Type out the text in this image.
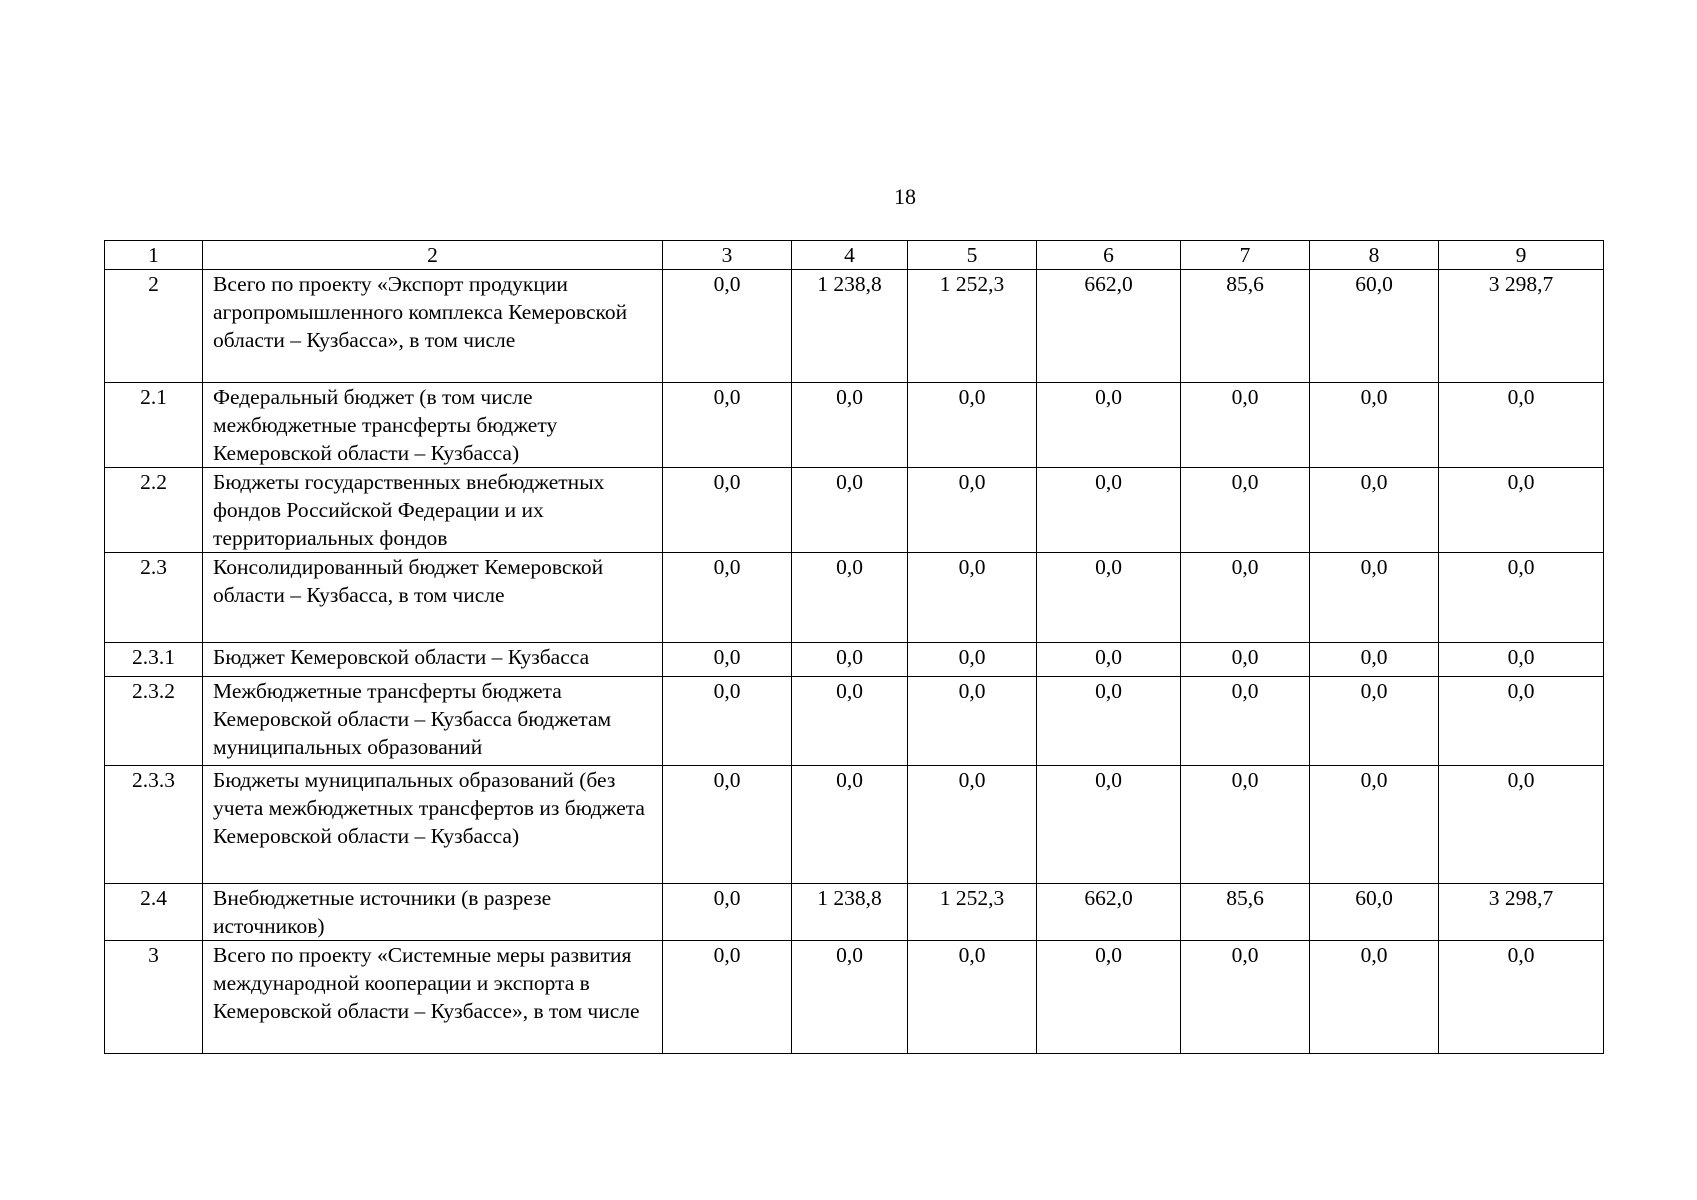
18
1	2	3	4	5	6	7	8	9
2	Всего по проекту «Экспорт продукции агропромышленного комплекса Кемеровской области – Кузбасса», в том числе	0,0	1 238,8	1 252,3	662,0	85,6	60,0	3 298,7
2.1	Федеральный бюджет (в том числе межбюджетные трансферты бюджету Кемеровской области – Кузбасса)	0,0	0,0	0,0	0,0	0,0	0,0	0,0
2.2	Бюджеты государственных внебюджетных фондов Российской Федерации и их территориальных фондов	0,0	0,0	0,0	0,0	0,0	0,0	0,0
2.3	Консолидированный бюджет Кемеровской области – Кузбасса, в том числе	0,0	0,0	0,0	0,0	0,0	0,0	0,0
2.3.1	Бюджет Кемеровской области – Кузбасса	0,0	0,0	0,0	0,0	0,0	0,0	0,0
2.3.2	Межбюджетные трансферты бюджета Кемеровской области – Кузбасса бюджетам муниципальных образований	0,0	0,0	0,0	0,0	0,0	0,0	0,0
2.3.3	Бюджеты муниципальных образований (без учета межбюджетных трансфертов из бюджета Кемеровской области – Кузбасса)	0,0	0,0	0,0	0,0	0,0	0,0	0,0
2.4	Внебюджетные источники (в разрезе источников)	0,0	1 238,8	1 252,3	662,0	85,6	60,0	3 298,7
3	Всего по проекту «Системные меры развития международной кооперации и экспорта в Кемеровской области – Кузбассе», в том числе	0,0	0,0	0,0	0,0	0,0	0,0	0,0
